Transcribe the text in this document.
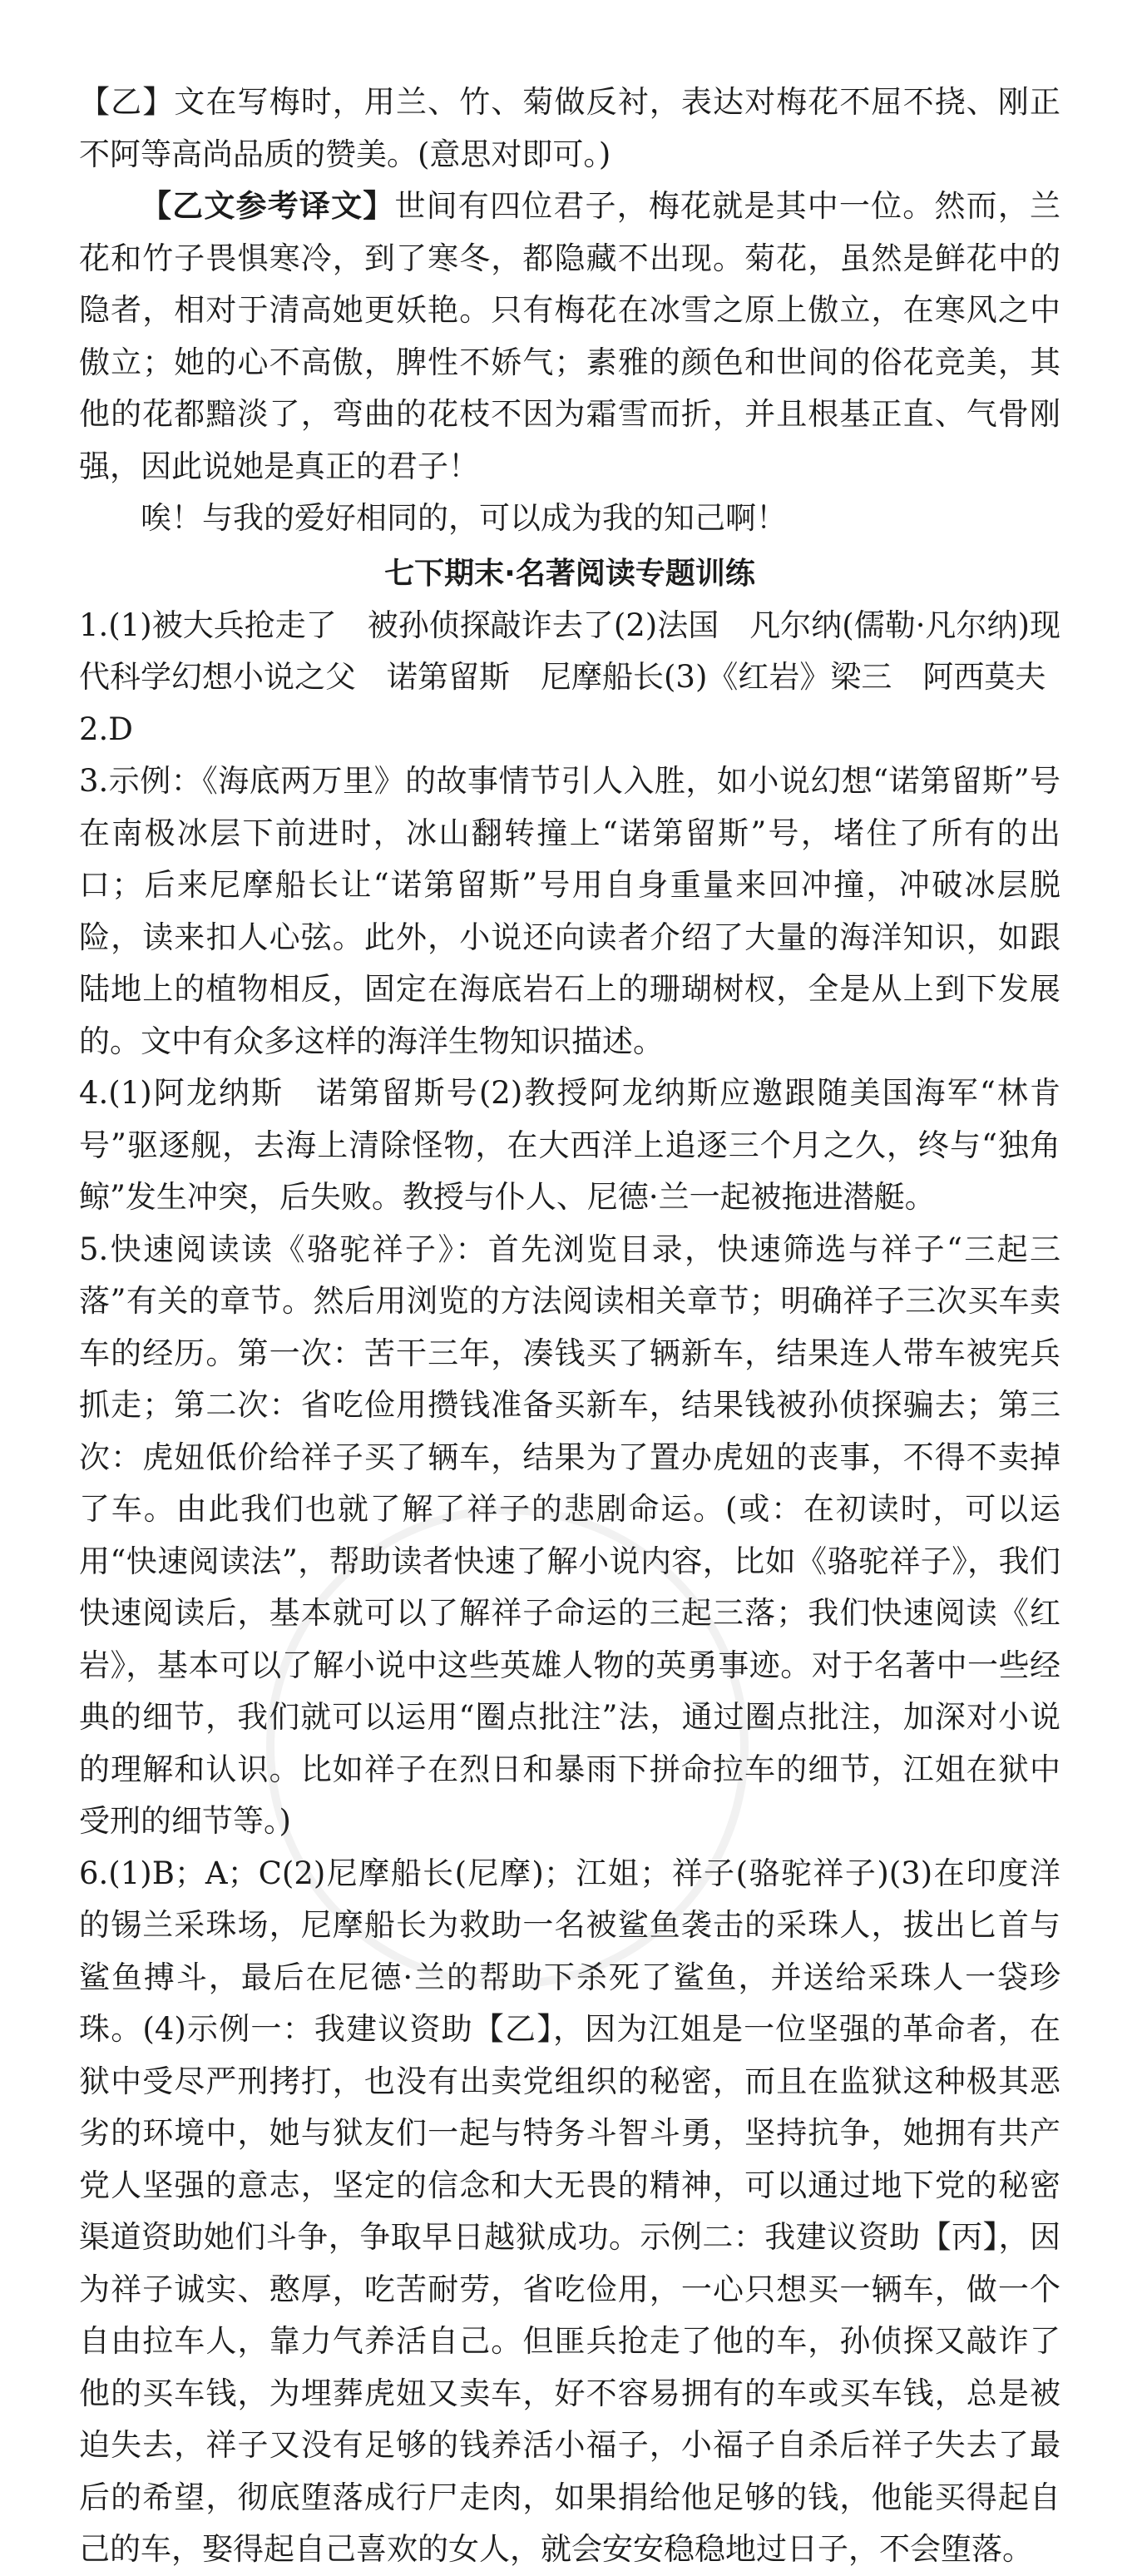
【乙】文在写梅时，用兰、竹、菊做反衬，表达对梅花不屈不挠、刚正不阿等高尚品质的赞美。(意思对即可。)

【乙文参考译文】世间有四位君子，梅花就是其中一位。然而，兰花和竹子畏惧寒冷，到了寒冬，都隐藏不出现。菊花，虽然是鲜花中的隐者，相对于清高她更妖艳。只有梅花在冰雪之原上傲立，在寒风之中傲立；她的心不高傲，脾性不娇气；素雅的颜色和世间的俗花竞美，其他的花都黯淡了，弯曲的花枝不因为霜雪而折，并且根基正直、气骨刚强，因此说她是真正的君子！

唉！与我的爱好相同的，可以成为我的知己啊！

七下期末·名著阅读专题训练

1.(1)被大兵抢走了　被孙侦探敲诈去了(2)法国　凡尔纳(儒勒·凡尔纳)现代科学幻想小说之父　诺第留斯　尼摩船长(3)《红岩》梁三　阿西莫夫

2.D

3.示例：《海底两万里》的故事情节引人入胜，如小说幻想“诺第留斯”号在南极冰层下前进时，冰山翻转撞上“诺第留斯”号，堵住了所有的出口；后来尼摩船长让“诺第留斯”号用自身重量来回冲撞，冲破冰层脱险，读来扣人心弦。此外，小说还向读者介绍了大量的海洋知识，如跟陆地上的植物相反，固定在海底岩石上的珊瑚树杈，全是从上到下发展的。文中有众多这样的海洋生物知识描述。

4.(1)阿龙纳斯　诺第留斯号(2)教授阿龙纳斯应邀跟随美国海军“林肯号”驱逐舰，去海上清除怪物，在大西洋上追逐三个月之久，终与“独角鲸”发生冲突，后失败。教授与仆人、尼德·兰一起被拖进潜艇。

5.快速阅读读《骆驼祥子》：首先浏览目录，快速筛选与祥子“三起三落”有关的章节。然后用浏览的方法阅读相关章节；明确祥子三次买车卖车的经历。第一次：苦干三年，凑钱买了辆新车，结果连人带车被宪兵抓走；第二次：省吃俭用攒钱准备买新车，结果钱被孙侦探骗去；第三次：虎妞低价给祥子买了辆车，结果为了置办虎妞的丧事，不得不卖掉了车。由此我们也就了解了祥子的悲剧命运。(或：在初读时，可以运用“快速阅读法”，帮助读者快速了解小说内容，比如《骆驼祥子》，我们快速阅读后，基本就可以了解祥子命运的三起三落；我们快速阅读《红岩》，基本可以了解小说中这些英雄人物的英勇事迹。对于名著中一些经典的细节，我们就可以运用“圈点批注”法，通过圈点批注，加深对小说的理解和认识。比如祥子在烈日和暴雨下拼命拉车的细节，江姐在狱中受刑的细节等。)

6.(1)B；A；C(2)尼摩船长(尼摩)；江姐；祥子(骆驼祥子)(3)在印度洋的锡兰采珠场，尼摩船长为救助一名被鲨鱼袭击的采珠人，拔出匕首与鲨鱼搏斗，最后在尼德·兰的帮助下杀死了鲨鱼，并送给采珠人一袋珍珠。(4)示例一：我建议资助【乙】，因为江姐是一位坚强的革命者，在狱中受尽严刑拷打，也没有出卖党组织的秘密，而且在监狱这种极其恶劣的环境中，她与狱友们一起与特务斗智斗勇，坚持抗争，她拥有共产党人坚强的意志，坚定的信念和大无畏的精神，可以通过地下党的秘密渠道资助她们斗争，争取早日越狱成功。示例二：我建议资助【丙】，因为祥子诚实、憨厚，吃苦耐劳，省吃俭用，一心只想买一辆车，做一个自由拉车人，靠力气养活自己。但匪兵抢走了他的车，孙侦探又敲诈了他的买车钱，为埋葬虎妞又卖车，好不容易拥有的车或买车钱，总是被迫失去，祥子又没有足够的钱养活小福子，小福子自杀后祥子失去了最后的希望，彻底堕落成行尸走肉，如果捐给他足够的钱，他能买得起自己的车，娶得起自己喜欢的女人，就会安安稳稳地过日子，不会堕落。
